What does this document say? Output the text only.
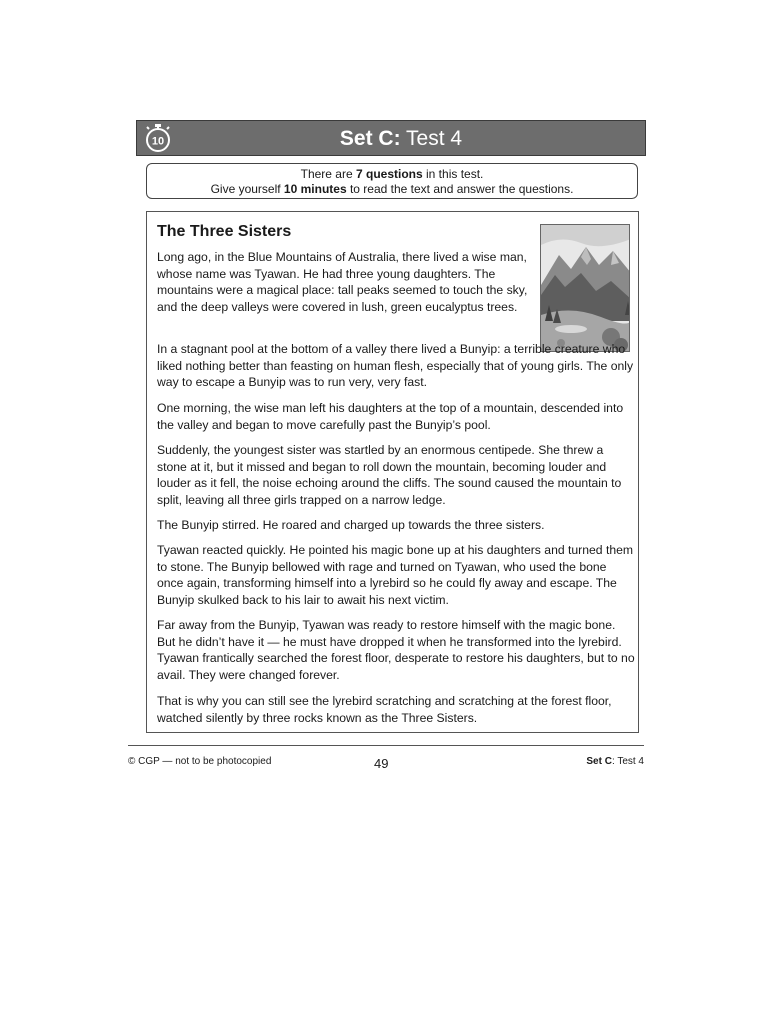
10	Set C: Test 4
There are 7 questions in this test.
Give yourself 10 minutes to read the text and answer the questions.
The Three Sisters

Long ago, in the Blue Mountains of Australia, there lived a wise man, whose name was Tyawan. He had three young daughters. The mountains were a magical place: tall peaks seemed to touch the sky, and the deep valleys were covered in lush, green eucalyptus trees.

In a stagnant pool at the bottom of a valley there lived a Bunyip: a terrible creature who liked nothing better than feasting on human flesh, especially that of young girls. The only way to escape a Bunyip was to run very, very fast.

One morning, the wise man left his daughters at the top of a mountain, descended into the valley and began to move carefully past the Bunyip’s pool.

Suddenly, the youngest sister was startled by an enormous centipede. She threw a stone at it, but it missed and began to roll down the mountain, becoming louder and louder as it fell, the noise echoing around the cliffs. The sound caused the mountain to split, leaving all three girls trapped on a narrow ledge.

The Bunyip stirred. He roared and charged up towards the three sisters.

Tyawan reacted quickly. He pointed his magic bone up at his daughters and turned them to stone. The Bunyip bellowed with rage and turned on Tyawan, who used the bone once again, transforming himself into a lyrebird so he could fly away and escape. The Bunyip skulked back to his lair to await his next victim.

Far away from the Bunyip, Tyawan was ready to restore himself with the magic bone. But he didn’t have it — he must have dropped it when he transformed into the lyrebird. Tyawan frantically searched the forest floor, desperate to restore his daughters, but to no avail. They were changed forever.

That is why you can still see the lyrebird scratching and scratching at the forest floor, watched silently by three rocks known as the Three Sisters.

© CGP — not to be photocopied	49	Set C: Test 4
